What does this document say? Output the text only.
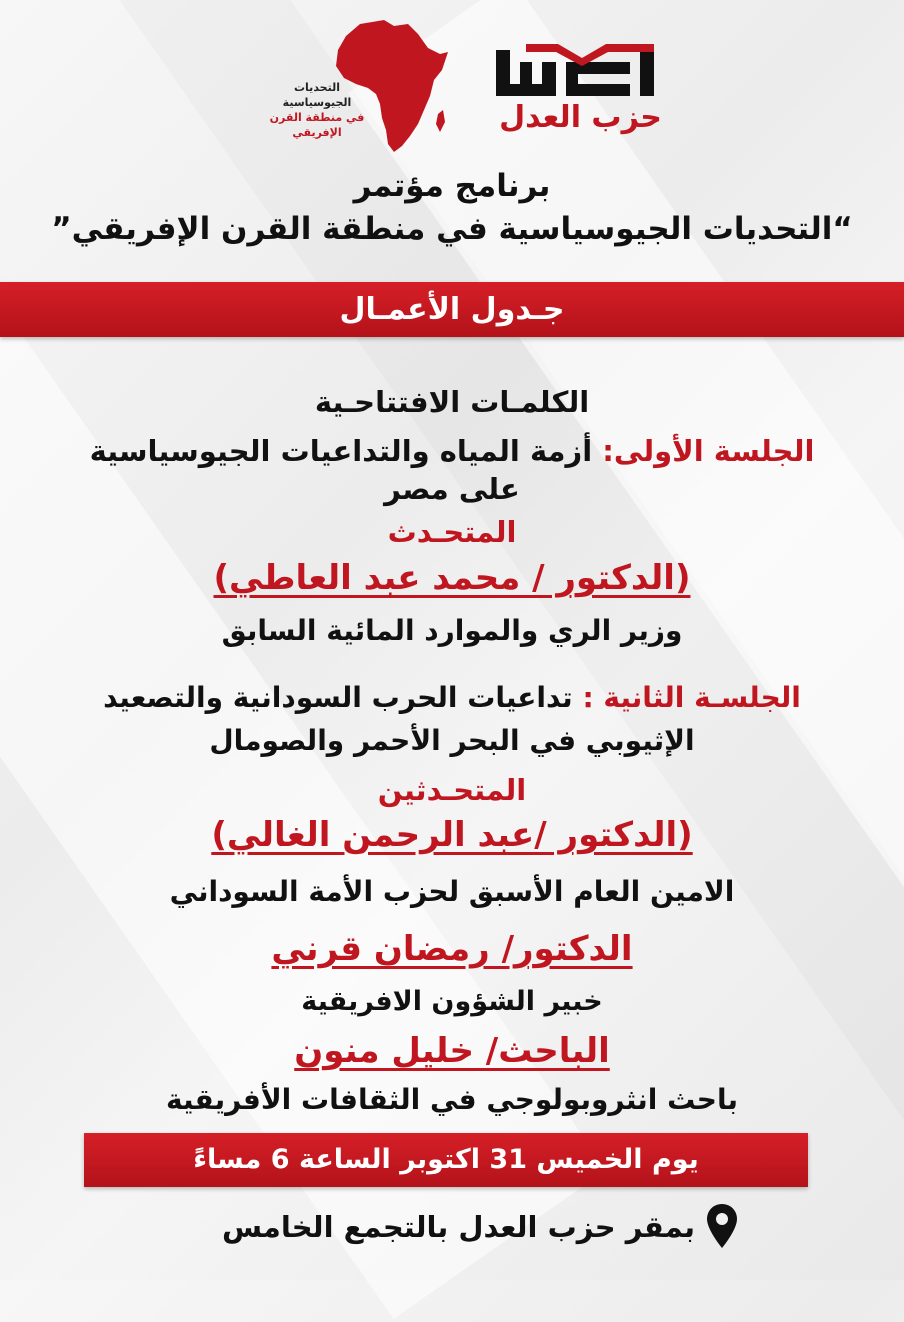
التحديات الجيوسياسية
في منطقة القرن
الإفريقي	حزب العدل
برنامج مؤتمر
“التحديات الجيوسياسية في منطقة القرن الإفريقي”
جـدول الأعمـال
الكلمـات الافتتاحـية
الجلسة الأولى: أزمة المياه والتداعيات الجيوسياسية
على مصر
المتحـدث
(الدكتور / محمد عبد العاطي)
وزير الري والموارد المائية السابق
الجلسـة الثانية : تداعيات الحرب السودانية والتصعيد
الإثيوبي في البحر الأحمر والصومال
المتحـدثين
(الدكتور /عبد الرحمن الغالي)
الامين العام الأسبق لحزب الأمة السوداني
الدكتور/ رمضان قرني
خبير الشؤون الافريقية
الباحث/ خليل منون
باحث انثروبولوجي في الثقافات الأفريقية
يوم الخميس 31 اكتوبر الساعة 6 مساءً
بمقر حزب العدل بالتجمع الخامس
